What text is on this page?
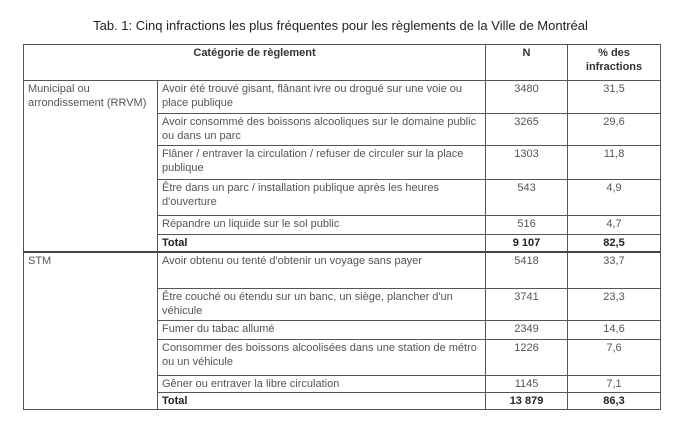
Tab. 1: Cinq infractions les plus fréquentes pour les règlements de la Ville de Montréal
Catégorie de règlement		N	% des infractions
Municipal ou arrondissement (RRVM)	Avoir été trouvé gisant, flânant ivre ou drogué sur une voie ou place publique	3480	31,5
	Avoir consommé des boissons alcooliques sur le domaine public ou dans un parc	3265	29,6
	Flâner / entraver la circulation / refuser de circuler sur la place publique	1303	11,8
	Être dans un parc / installation publique après les heures d'ouverture	543	4,9
	Répandre un liquide sur le sol public	516	4,7
	Total	9 107	82,5
STM	Avoir obtenu ou tenté d'obtenir un voyage sans payer	5418	33,7
	Être couché ou étendu sur un banc, un siège, plancher d'un véhicule	3741	23,3
	Fumer du tabac allumé	2349	14,6
	Consommer des boissons alcoolisées dans une station de métro ou un véhicule	1226	7,6
	Gêner ou entraver la libre circulation	1145	7,1
	Total	13 879	86,3
